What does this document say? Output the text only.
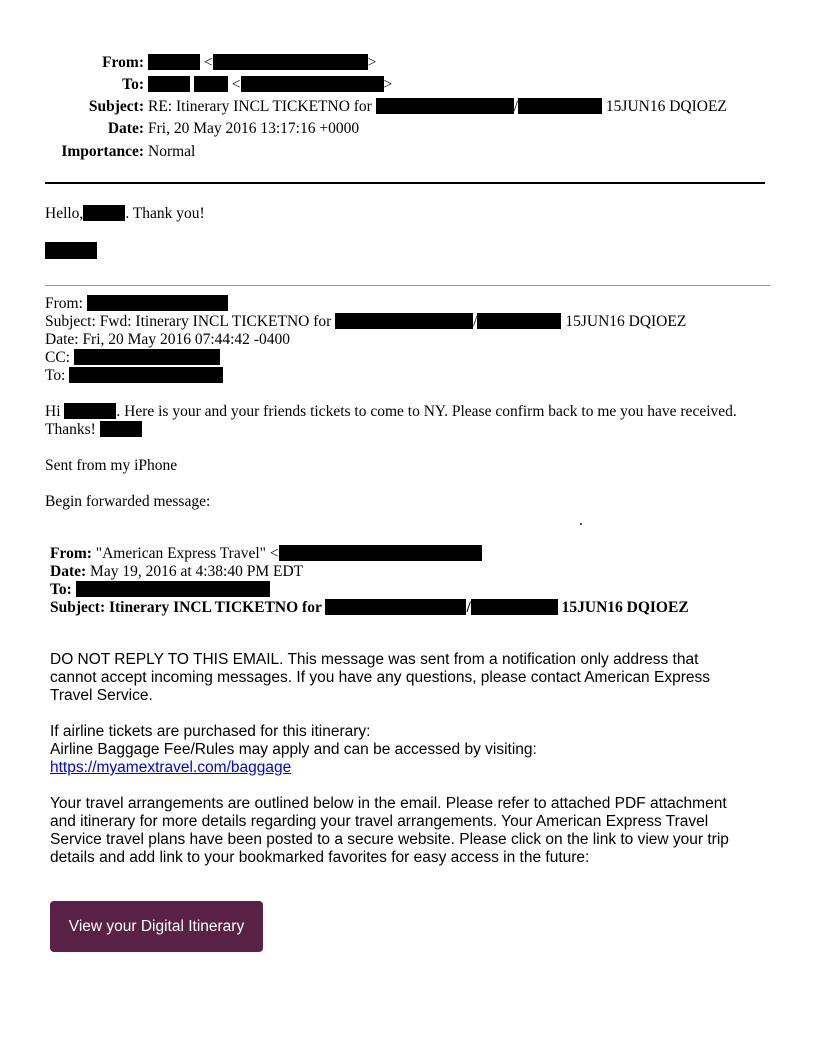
From:	<	>
To:	<	>
Subject: RE: Itinerary INCL TICKETNO for	/	15JUN16 DQIOEZ
Date: Fri, 20 May 2016 13:17:16 +0000
Importance: Normal
Hello,	. Thank you!
From:
Subject: Fwd: Itinerary INCL TICKETNO for	/	15JUN16 DQIOEZ
Date: Fri, 20 May 2016 07:44:42 -0400
CC:
To:
Hi	. Here is your and your friends tickets to come to NY. Please confirm back to me you have received.
Thanks!
Sent from my iPhone
Begin forwarded message:
.
From: "American Express Travel" <
Date: May 19, 2016 at 4:38:40 PM EDT
To:
Subject: Itinerary INCL TICKETNO for	/	15JUN16 DQIOEZ
DO NOT REPLY TO THIS EMAIL. This message was sent from a notification only address that
cannot accept incoming messages. If you have any questions, please contact American Express
Travel Service.
If airline tickets are purchased for this itinerary:
Airline Baggage Fee/Rules may apply and can be accessed by visiting:
https://myamextravel.com/baggage
Your travel arrangements are outlined below in the email. Please refer to attached PDF attachment
and itinerary for more details regarding your travel arrangements. Your American Express Travel
Service travel plans have been posted to a secure website. Please click on the link to view your trip
details and add link to your bookmarked favorites for easy access in the future:
View your Digital Itinerary
